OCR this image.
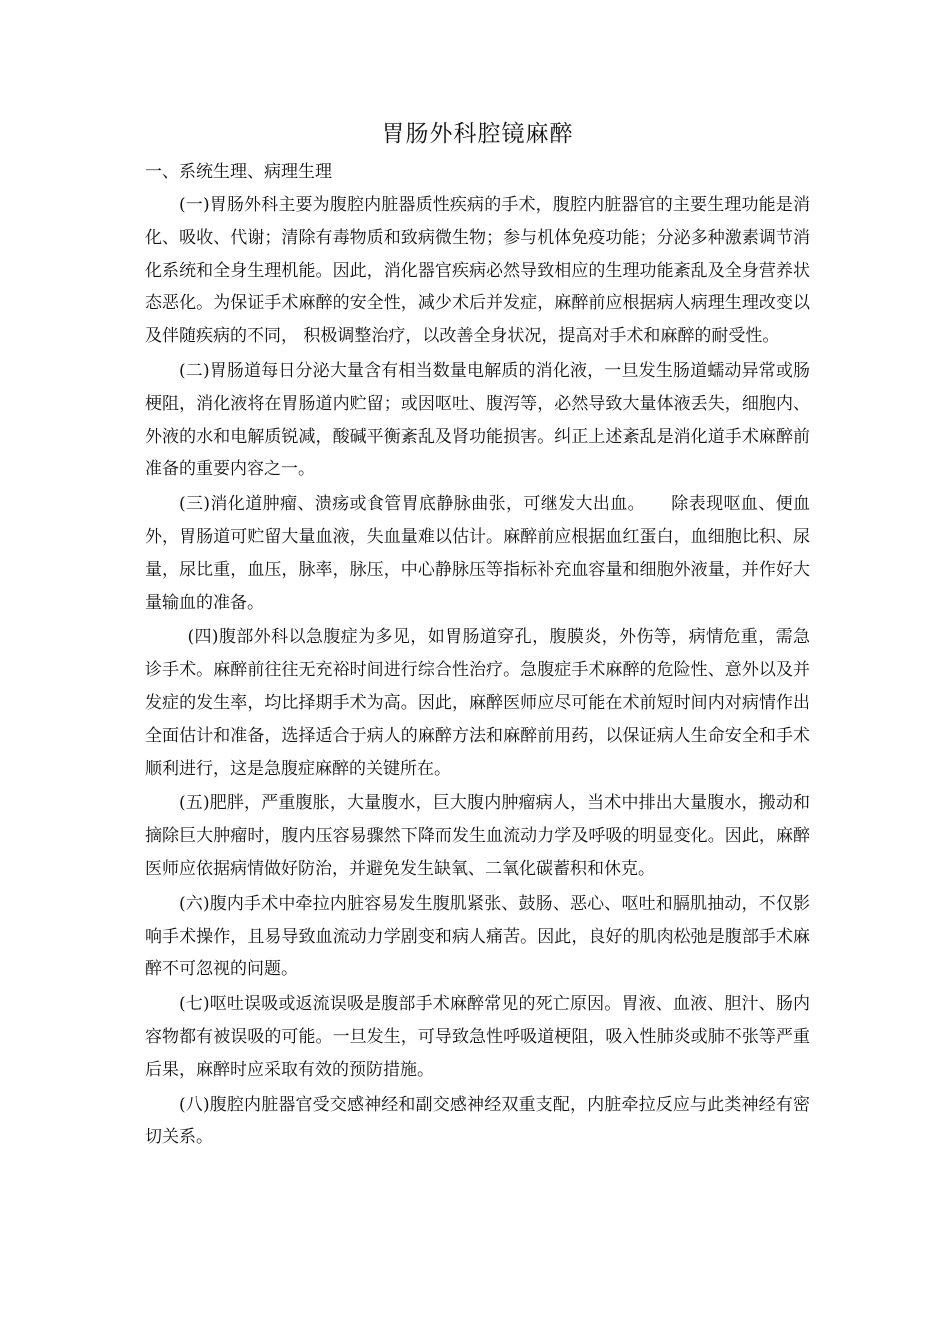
胃肠外科腔镜麻醉

一、系统生理、病理生理

(一)胃肠外科主要为腹腔内脏器质性疾病的手术，腹腔内脏器官的主要生理功能是消化、吸收、代谢；清除有毒物质和致病微生物；参与机体免疫功能；分泌多种激素调节消化系统和全身生理机能。因此，消化器官疾病必然导致相应的生理功能紊乱及全身营养状态恶化。为保证手术麻醉的安全性，减少术后并发症，麻醉前应根据病人病理生理改变以及伴随疾病的不同， 积极调整治疗，以改善全身状况，提高对手术和麻醉的耐受性。

(二)胃肠道每日分泌大量含有相当数量电解质的消化液，一旦发生肠道蠕动异常或肠梗阻，消化液将在胃肠道内贮留；或因呕吐、腹泻等，必然导致大量体液丢失，细胞内、外液的水和电解质锐减，酸碱平衡紊乱及肾功能损害。纠正上述紊乱是消化道手术麻醉前准备的重要内容之一。

(三)消化道肿瘤、溃疡或食管胃底静脉曲张，可继发大出血。　　除表现呕血、便血外，胃肠道可贮留大量血液，失血量难以估计。麻醉前应根据血红蛋白，血细胞比积、尿量，尿比重，血压，脉率，脉压，中心静脉压等指标补充血容量和细胞外液量，并作好大量输血的准备。

(四)腹部外科以急腹症为多见，如胃肠道穿孔，腹膜炎，外伤等，病情危重，需急诊手术。麻醉前往往无充裕时间进行综合性治疗。急腹症手术麻醉的危险性、意外以及并发症的发生率，均比择期手术为高。因此，麻醉医师应尽可能在术前短时间内对病情作出全面估计和准备，选择适合于病人的麻醉方法和麻醉前用药，以保证病人生命安全和手术顺利进行，这是急腹症麻醉的关键所在。

(五)肥胖，严重腹胀，大量腹水，巨大腹内肿瘤病人，当术中排出大量腹水，搬动和摘除巨大肿瘤时，腹内压容易骤然下降而发生血流动力学及呼吸的明显变化。因此，麻醉医师应依据病情做好防治，并避免发生缺氧、二氧化碳蓄积和休克。

(六)腹内手术中牵拉内脏容易发生腹肌紧张、鼓肠、恶心、呕吐和膈肌抽动，不仅影响手术操作，且易导致血流动力学剧变和病人痛苦。因此，良好的肌肉松弛是腹部手术麻醉不可忽视的问题。

(七)呕吐误吸或返流误吸是腹部手术麻醉常见的死亡原因。胃液、血液、胆汁、肠内容物都有被误吸的可能。一旦发生，可导致急性呼吸道梗阻，吸入性肺炎或肺不张等严重后果，麻醉时应采取有效的预防措施。

(八)腹腔内脏器官受交感神经和副交感神经双重支配，内脏牵拉反应与此类神经有密切关系。
